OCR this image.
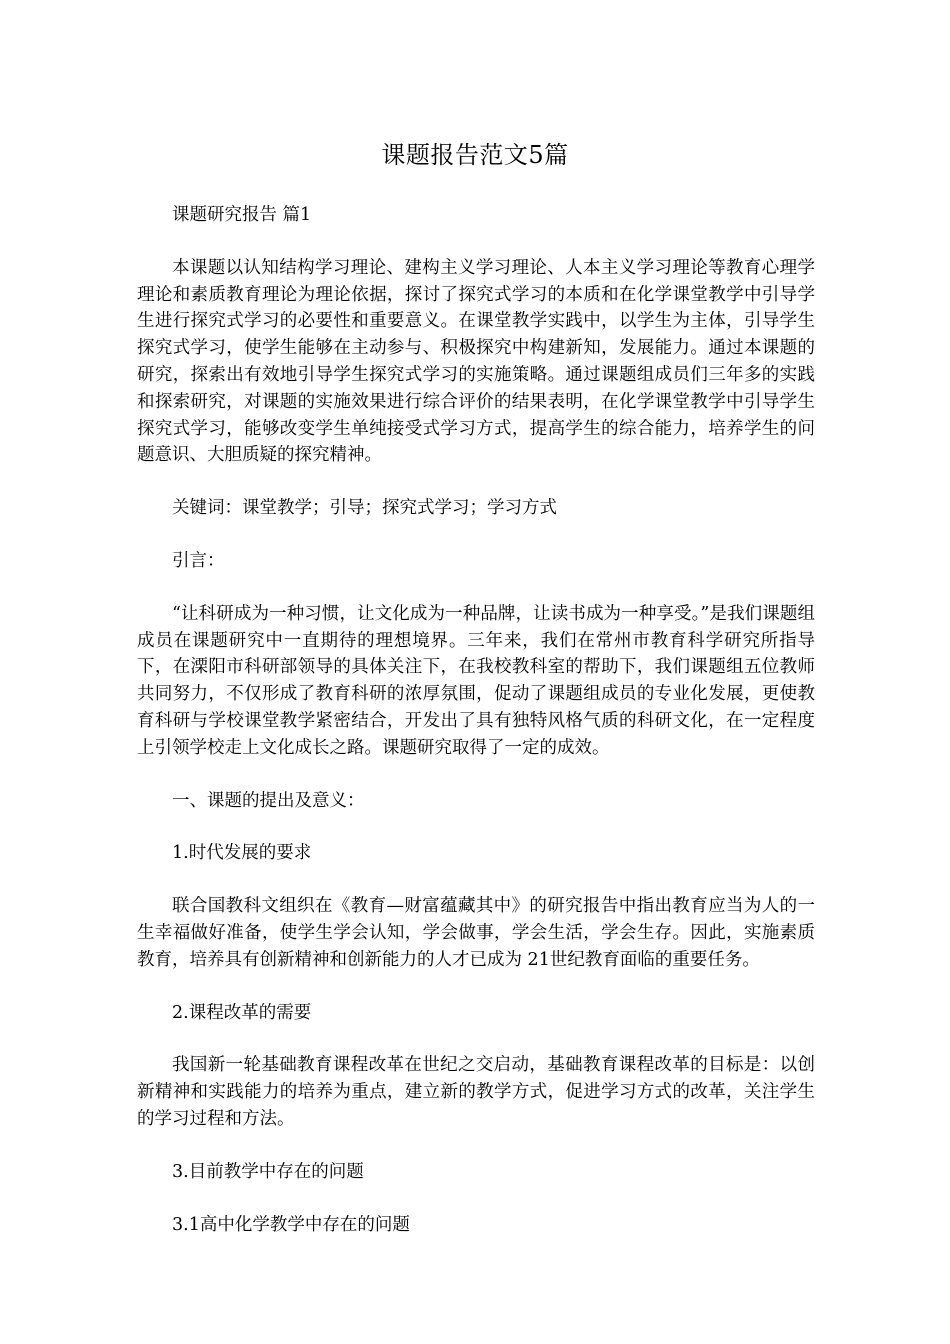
课题报告范文5篇

课题研究报告 篇1

本课题以认知结构学习理论、建构主义学习理论、人本主义学习理论等教育心理学理论和素质教育理论为理论依据，探讨了探究式学习的本质和在化学课堂教学中引导学生进行探究式学习的必要性和重要意义。在课堂教学实践中，以学生为主体，引导学生探究式学习，使学生能够在主动参与、积极探究中构建新知，发展能力。通过本课题的研究，探索出有效地引导学生探究式学习的实施策略。通过课题组成员们三年多的实践和探索研究，对课题的实施效果进行综合评价的结果表明，在化学课堂教学中引导学生探究式学习，能够改变学生单纯接受式学习方式，提高学生的综合能力，培养学生的问题意识、大胆质疑的探究精神。

关键词：课堂教学；引导；探究式学习；学习方式

引言：

“让科研成为一种习惯，让文化成为一种品牌，让读书成为一种享受。”是我们课题组成员在课题研究中一直期待的理想境界。三年来，我们在常州市教育科学研究所指导下，在溧阳市科研部领导的具体关注下，在我校教科室的帮助下，我们课题组五位教师共同努力，不仅形成了教育科研的浓厚氛围，促动了课题组成员的专业化发展，更使教育科研与学校课堂教学紧密结合，开发出了具有独特风格气质的科研文化，在一定程度上引领学校走上文化成长之路。课题研究取得了一定的成效。

一、课题的提出及意义：

1.时代发展的要求

联合国教科文组织在《教育—财富蕴藏其中》的研究报告中指出教育应当为人的一生幸福做好准备，使学生学会认知，学会做事，学会生活，学会生存。因此，实施素质教育，培养具有创新精神和创新能力的人才已成为 21世纪教育面临的重要任务。

2.课程改革的需要

我国新一轮基础教育课程改革在世纪之交启动，基础教育课程改革的目标是：以创新精神和实践能力的培养为重点，建立新的教学方式，促进学习方式的改革，关注学生的学习过程和方法。

3.目前教学中存在的问题

3.1高中化学教学中存在的问题
